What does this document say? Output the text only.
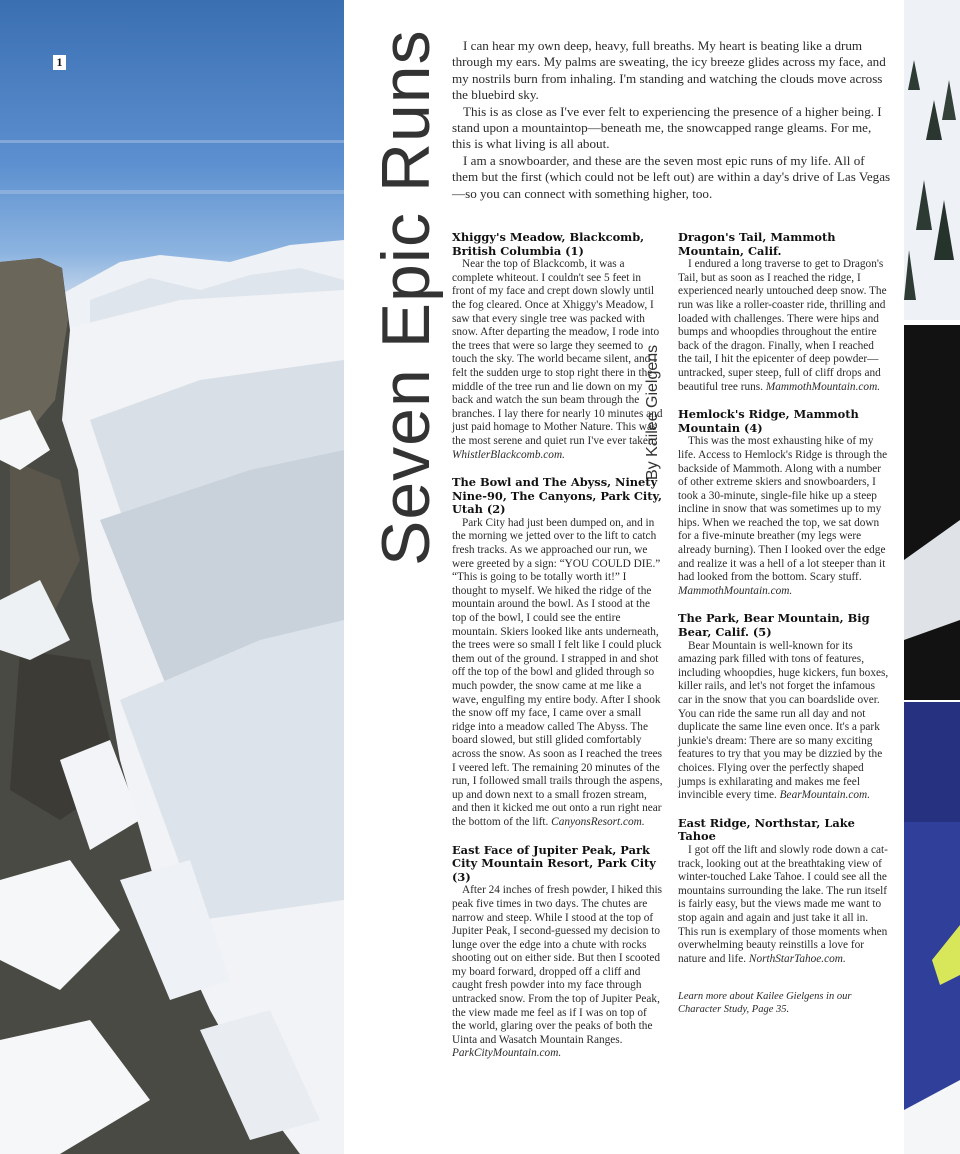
1	Seven Epic Runs	By Kailee Gielgens

I can hear my own deep, heavy, full breaths. My heart is beating like a drum through my ears. My palms are sweating, the icy breeze glides across my face, and my nostrils burn from inhaling. I'm standing and watching the clouds move across the bluebird sky.

This is as close as I've ever felt to experiencing the presence of a higher being. I stand upon a mountaintop—beneath me, the snowcapped range gleams. For me, this is what living is all about.

I am a snowboarder, and these are the seven most epic runs of my life. All of them but the first (which could not be left out) are within a day's drive of Las Vegas—so you can connect with something higher, too.

Xhiggy's Meadow, Blackcomb, British Columbia (1)

Near the top of Blackcomb, it was a complete whiteout. I couldn't see 5 feet in front of my face and crept down slowly until the fog cleared. Once at Xhiggy's Meadow, I saw that every single tree was packed with snow. After departing the meadow, I rode into the trees that were so large they seemed to touch the sky. The world became silent, and I felt the sudden urge to stop right there in the middle of the tree run and lie down on my back and watch the sun beam through the branches. I lay there for nearly 10 minutes and just paid homage to Mother Nature. This was the most serene and quiet run I've ever taken. WhistlerBlackcomb.com.

The Bowl and The Abyss, Ninety Nine-90, The Canyons, Park City, Utah (2)

Park City had just been dumped on, and in the morning we jetted over to the lift to catch fresh tracks. As we approached our run, we were greeted by a sign: “YOU COULD DIE.” “This is going to be totally worth it!” I thought to myself. We hiked the ridge of the mountain around the bowl. As I stood at the top of the bowl, I could see the entire mountain. Skiers looked like ants underneath, the trees were so small I felt like I could pluck them out of the ground. I strapped in and shot off the top of the bowl and glided through so much powder, the snow came at me like a wave, engulfing my entire body. After I shook the snow off my face, I came over a small ridge into a meadow called The Abyss. The board slowed, but still glided comfortably across the snow. As soon as I reached the trees I veered left. The remaining 20 minutes of the run, I followed small trails through the aspens, up and down next to a small frozen stream, and then it kicked me out onto a run right near the bottom of the lift. CanyonsResort.com.

East Face of Jupiter Peak, Park City Mountain Resort, Park City (3)

After 24 inches of fresh powder, I hiked this peak five times in two days. The chutes are narrow and steep. While I stood at the top of Jupiter Peak, I second-guessed my decision to lunge over the edge into a chute with rocks shooting out on either side. But then I scooted my board forward, dropped off a cliff and caught fresh powder into my face through untracked snow. From the top of Jupiter Peak, the view made me feel as if I was on top of the world, glaring over the peaks of both the Uinta and Wasatch Mountain Ranges. ParkCityMountain.com.

Dragon's Tail, Mammoth Mountain, Calif.

I endured a long traverse to get to Dragon's Tail, but as soon as I reached the ridge, I experienced nearly untouched deep snow. The run was like a roller-coaster ride, thrilling and loaded with challenges. There were hips and bumps and whoopdies throughout the entire back of the dragon. Finally, when I reached the tail, I hit the epicenter of deep powder—untracked, super steep, full of cliff drops and beautiful tree runs. MammothMountain.com.

Hemlock's Ridge, Mammoth Mountain (4)

This was the most exhausting hike of my life. Access to Hemlock's Ridge is through the backside of Mammoth. Along with a number of other extreme skiers and snowboarders, I took a 30-minute, single-file hike up a steep incline in snow that was sometimes up to my hips. When we reached the top, we sat down for a five-minute breather (my legs were already burning). Then I looked over the edge and realize it was a hell of a lot steeper than it had looked from the bottom. Scary stuff. MammothMountain.com.

The Park, Bear Mountain, Big Bear, Calif. (5)

Bear Mountain is well-known for its amazing park filled with tons of features, including whoopdies, huge kickers, fun boxes, killer rails, and let's not forget the infamous car in the snow that you can boardslide over. You can ride the same run all day and not duplicate the same line even once. It's a park junkie's dream: There are so many exciting features to try that you may be dizzied by the choices. Flying over the perfectly shaped jumps is exhilarating and makes me feel invincible every time. BearMountain.com.

East Ridge, Northstar, Lake Tahoe

I got off the lift and slowly rode down a cat-track, looking out at the breathtaking view of winter-touched Lake Tahoe. I could see all the mountains surrounding the lake. The run itself is fairly easy, but the views made me want to stop again and again and just take it all in. This run is exemplary of those moments when overwhelming beauty reinstills a love for nature and life. NorthStarTahoe.com.

Learn more about Kailee Gielgens in our Character Study, Page 35.
